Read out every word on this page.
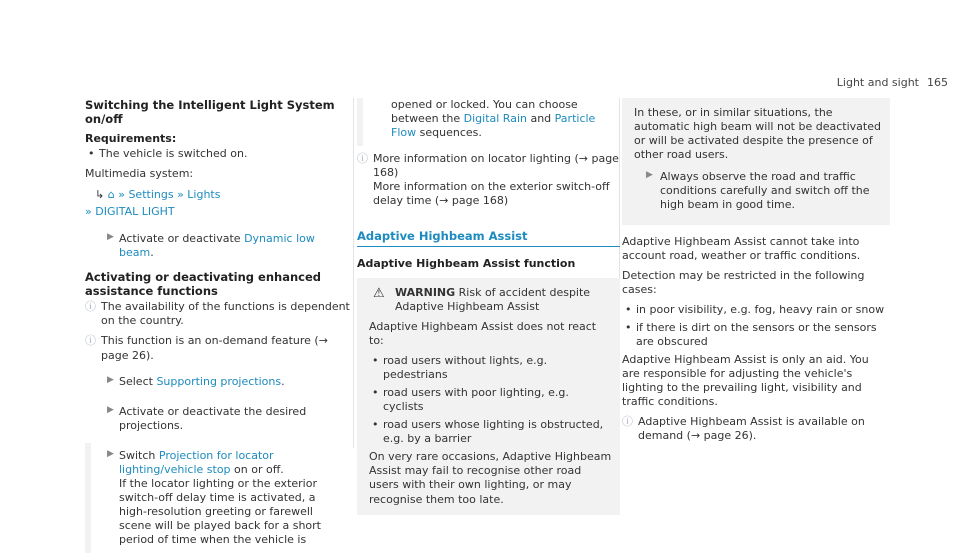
Light and sight 165
Switching the Intelligent Light System on/off
Requirements:
• The vehicle is switched on.

Multimedia system:

↳ ⌂ » Settings » Lights
» DIGITAL LIGHT
▶ Activate or deactivate Dynamic low beam.
Activating or deactivating enhanced assistance functions
ⓘ The availability of the functions is dependent on the country.
ⓘ This function is an on-demand feature (→ page 26).
▶ Select Supporting projections.
▶ Activate or deactivate the desired projections.
▶ Switch Projection for locator lighting/vehicle stop on or off.
If the locator lighting or the exterior switch-off delay time is activated, a high-resolution greeting or farewell scene will be played back for a short period of time when the vehicle is
opened or locked. You can choose between the Digital Rain and Particle Flow sequences.
ⓘ More information on locator lighting (→ page 168)
More information on the exterior switch-off delay time (→ page 168)
Adaptive Highbeam Assist
Adaptive Highbeam Assist function
⚠ WARNING Risk of accident despite Adaptive Highbeam Assist

Adaptive Highbeam Assist does not react to:

• road users without lights, e.g. pedestrians
• road users with poor lighting, e.g. cyclists
• road users whose lighting is obstructed, e.g. by a barrier

On very rare occasions, Adaptive Highbeam Assist may fail to recognise other road users with their own lighting, or may recognise them too late.

In these, or in similar situations, the automatic high beam will not be deactivated or will be activated despite the presence of other road users.

▶ Always observe the road and traffic conditions carefully and switch off the high beam in good time.

Adaptive Highbeam Assist cannot take into account road, weather or traffic conditions.

Detection may be restricted in the following cases:

• in poor visibility, e.g. fog, heavy rain or snow
• if there is dirt on the sensors or the sensors are obscured

Adaptive Highbeam Assist is only an aid. You are responsible for adjusting the vehicle's lighting to the prevailing light, visibility and traffic conditions.

ⓘ Adaptive Highbeam Assist is available on demand (→ page 26).
